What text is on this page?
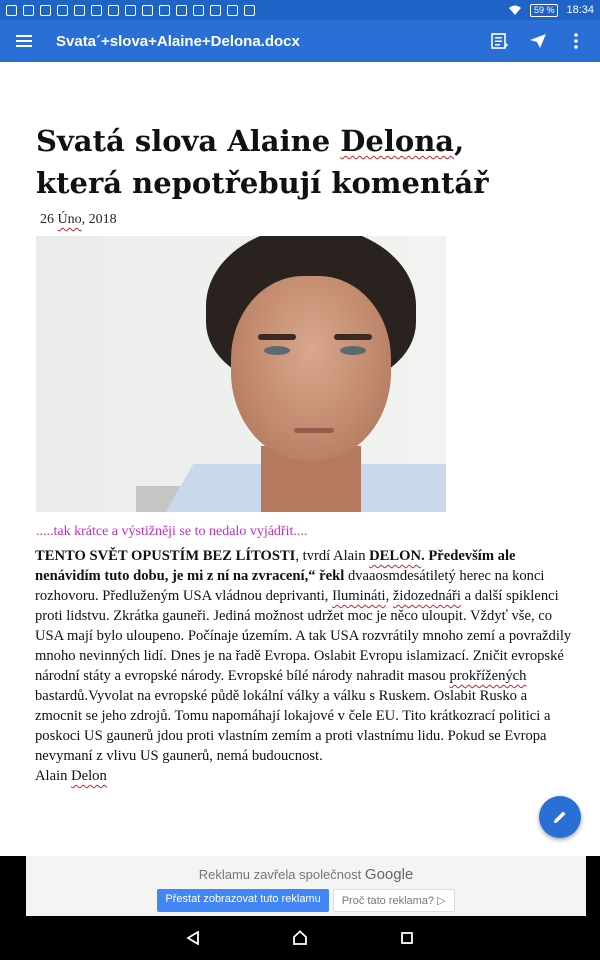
59 %	18:34
Svata´+slova+Alaine+Delona.docx
Svatá slova Alaine Delona, která nepotřebují komentář
26 Úno, 2018

.....tak krátce a výstižněji se to nedalo vyjádřit....

TENTO SVĚT OPUSTÍM BEZ LÍTOSTI, tvrdí Alain DELON. Především ale nenávidím tuto dobu, je mi z ní na zvracení,“ řekl dvaaosmdesátiletý herec na konci rozhovoru. Předluženým USA vládnou deprivanti, Ilumináti, židozednáři a další spiklenci proti lidstvu. Zkrátka gauneři. Jediná možnost udržet moc je něco uloupit. Vždyť vše, co USA mají bylo uloupeno. Počínaje územím. A tak USA rozvrátily mnoho zemí a povraždily mnoho nevinných lidí. Dnes je na řadě Evropa. Oslabit Evropu islamizací. Zničit evropské národní státy a evropské národy. Evropské bílé národy nahradit masou prokřížených bastardů.Vyvolat na evropské půdě lokální války a válku s Ruskem. Oslabit Rusko a zmocnit se jeho zdrojů. Tomu napomáhají lokajové v čele EU. Tito krátkozrací politici a poskoci US gaunerů jdou proti vlastním zemím a proti vlastnímu lidu. Pokud se Evropa nevymaní z vlivu US gaunerů, nemá budoucnost.
Alain Delon

Reklamu zavřela společnost Google
Přestat zobrazovat tuto reklamu	Proč tato reklama? ▷
